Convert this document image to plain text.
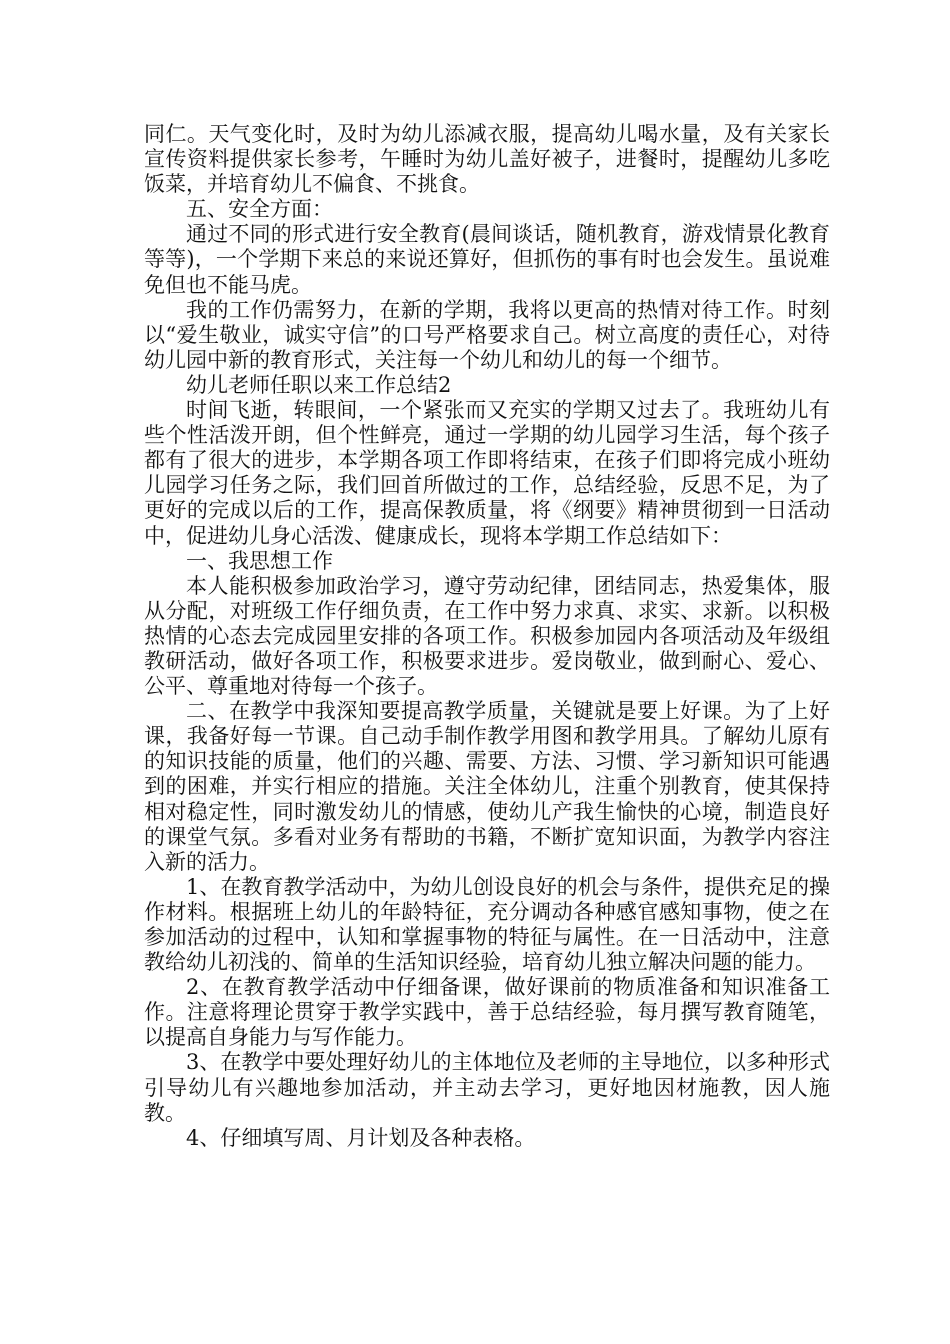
同仁。天气变化时，及时为幼儿添减衣服，提高幼儿喝水量，及有关家长宣传资料提供家长参考，午睡时为幼儿盖好被子，进餐时，提醒幼儿多吃饭菜，并培育幼儿不偏食、不挑食。

五、安全方面：

通过不同的形式进行安全教育(晨间谈话，随机教育，游戏情景化教育等等)，一个学期下来总的来说还算好，但抓伤的事有时也会发生。虽说难免但也不能马虎。

我的工作仍需努力，在新的学期，我将以更高的热情对待工作。时刻以“爱生敬业，诚实守信”的口号严格要求自己。树立高度的责任心，对待幼儿园中新的教育形式，关注每一个幼儿和幼儿的每一个细节。

幼儿老师任职以来工作总结2

时间飞逝，转眼间，一个紧张而又充实的学期又过去了。我班幼儿有些个性活泼开朗，但个性鲜亮，通过一学期的幼儿园学习生活，每个孩子都有了很大的进步，本学期各项工作即将结束，在孩子们即将完成小班幼儿园学习任务之际，我们回首所做过的工作，总结经验，反思不足，为了更好的完成以后的工作，提高保教质量，将《纲要》精神贯彻到一日活动中，促进幼儿身心活泼、健康成长，现将本学期工作总结如下：

一、我思想工作

本人能积极参加政治学习，遵守劳动纪律，团结同志，热爱集体，服从分配，对班级工作仔细负责，在工作中努力求真、求实、求新。以积极热情的心态去完成园里安排的各项工作。积极参加园内各项活动及年级组教研活动，做好各项工作，积极要求进步。爱岗敬业，做到耐心、爱心、公平、尊重地对待每一个孩子。

二、在教学中我深知要提高教学质量，关键就是要上好课。为了上好课，我备好每一节课。自己动手制作教学用图和教学用具。了解幼儿原有的知识技能的质量，他们的兴趣、需要、方法、习惯、学习新知识可能遇到的困难，并实行相应的措施。关注全体幼儿，注重个别教育，使其保持相对稳定性，同时激发幼儿的情感，使幼儿产我生愉快的心境，制造良好的课堂气氛。多看对业务有帮助的书籍，不断扩宽知识面，为教学内容注入新的活力。

1、在教育教学活动中，为幼儿创设良好的机会与条件，提供充足的操作材料。根据班上幼儿的年龄特征，充分调动各种感官感知事物，使之在参加活动的过程中，认知和掌握事物的特征与属性。在一日活动中，注意教给幼儿初浅的、简单的生活知识经验，培育幼儿独立解决问题的能力。

2、在教育教学活动中仔细备课，做好课前的物质准备和知识准备工作。注意将理论贯穿于教学实践中，善于总结经验，每月撰写教育随笔，以提高自身能力与写作能力。

3、在教学中要处理好幼儿的主体地位及老师的主导地位，以多种形式引导幼儿有兴趣地参加活动，并主动去学习，更好地因材施教，因人施教。

4、仔细填写周、月计划及各种表格。
